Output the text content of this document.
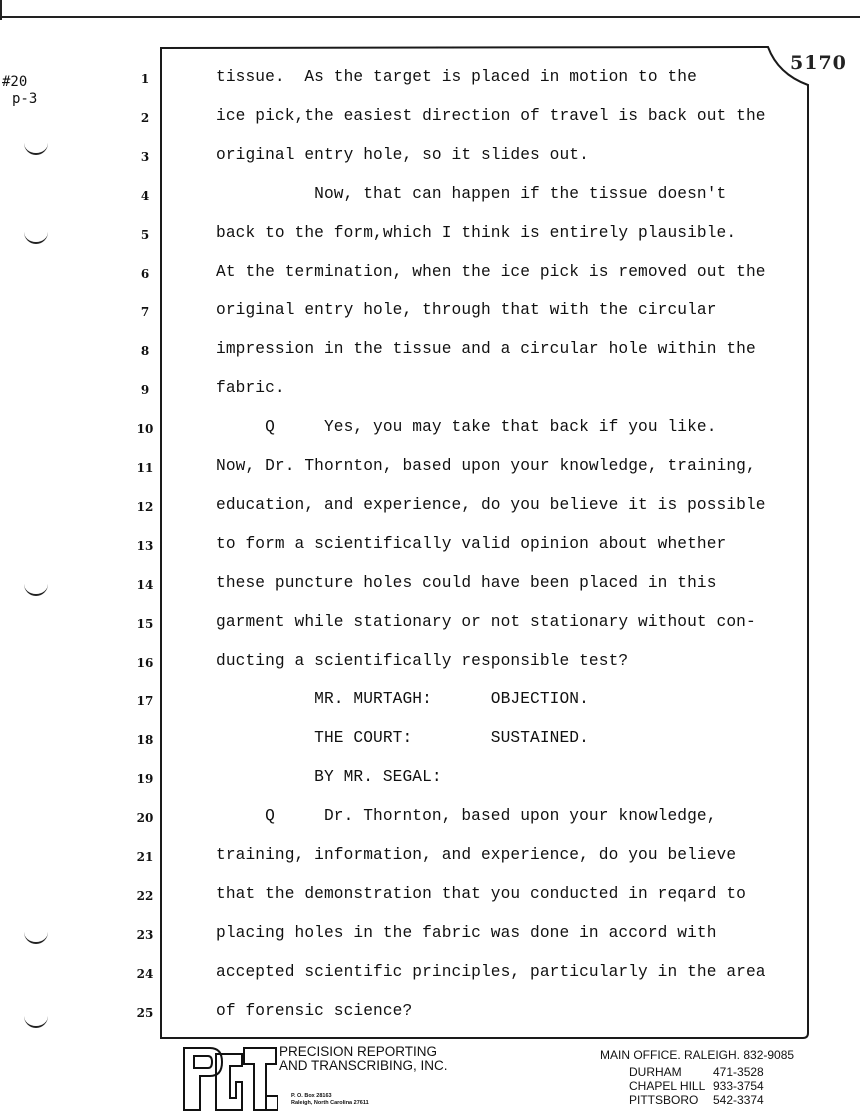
#20
p-3
5170
1	tissue.  As the target is placed in motion to the
2	ice pick,the easiest direction of travel is back out the
3	original entry hole, so it slides out.
4	Now, that can happen if the tissue doesn't
5	back to the form,which I think is entirely plausible.
6	At the termination, when the ice pick is removed out the
7	original entry hole, through that with the circular
8	impression in the tissue and a circular hole within the
9	fabric.
10	Q     Yes, you may take that back if you like.
11	Now, Dr. Thornton, based upon your knowledge, training,
12	education, and experience, do you believe it is possible
13	to form a scientifically valid opinion about whether
14	these puncture holes could have been placed in this
15	garment while stationary or not stationary without con-
16	ducting a scientifically responsible test?
17	MR. MURTAGH:      OBJECTION.
18	THE COURT:        SUSTAINED.
19	BY MR. SEGAL:
20	Q     Dr. Thornton, based upon your knowledge,
21	training, information, and experience, do you believe
22	that the demonstration that you conducted in reqard to
23	placing holes in the fabric was done in accord with
24	accepted scientific principles, particularly in the area
25	of forensic science?
PRECISION REPORTING
AND TRANSCRIBING, INC.
P. O. Box 28163
Raleigh, North Carolina 27611
MAIN OFFICE. RALEIGH. 832-9085
DURHAM	471-3528
CHAPEL HILL 933-3754
PITTSBORO	542-3374
